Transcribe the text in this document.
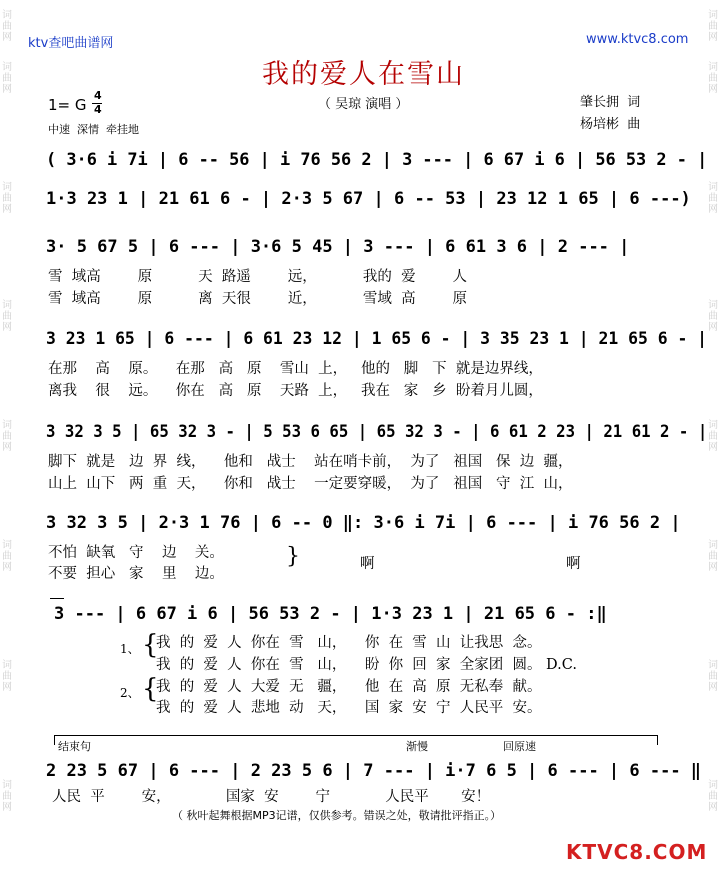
词 曲 网
词 曲 网
词 曲 网
词 曲 网
词 曲 网
词 曲 网
词 曲 网
词 曲 网
词 曲 网
词 曲 网
词 曲 网
词 曲 网
词 曲 网
词 曲 网
词 曲 网
词 曲 网
ktv查吧曲谱网	www.ktvc8.com
我的爱人在雪山
（ 吴琼 演唱 ）
1= G
4
4
中速  深情  牵挂地
肇长拥  词
杨培彬  曲
( 3·6 i 7i | 6 -- 56 | i 76 56 2 | 3 --- | 6 67 i 6 | 56 53 2 - |
1·3 23 1 | 21 61 6 - | 2·3 5 67 | 6 -- 53 | 23 12 1 65 | 6 ---)
3· 5 67 5 | 6 --- | 3·6 5 45 | 3 --- | 6 61 3 6 | 2 --- |
雪  域高        原          天  路遥        远，          我的  爱        人
雪  域高        原          离  天很        近，          雪域  高        原
3 23 1 65 | 6 --- | 6 61 23 12 | 1 65 6 - | 3 35 23 1 | 21 65 6 - |
在那    高    原。    在那   高   原    雪山  上，   他的   脚   下  就是边界线，
离我    很    远。    你在   高   原    天路  上，   我在   家   乡  盼着月儿圆，
3 32 3 5 | 65 32 3 - | 5 53 6 65 | 65 32 3 - | 6 61 2 23 | 21 61 2 - |
脚下  就是   边  界  线，    他和   战士    站在哨卡前，  为了   祖国   保  边  疆，
山上  山下   两  重  天，    你和   战士    一定要穿暖，  为了   祖国   守  江  山，
3 32 3 5 | 2·3 1 76 | 6 -- 0 ‖: 3·6 i 7i | 6 --- | i 76 56 2 |
不怕  缺氧   守    边    关。
不要  担心   家    里    边。
}	啊	啊
3 --- | 6 67 i 6 | 56 53 2 - | 1·3 23 1 | 21 65 6 - :‖
1、
2、
{
{
我  的  爱  人  你在  雪   山，    你  在  雪  山  让我思  念。
我  的  爱  人  你在  雪   山，    盼  你  回  家  全家团  圆。 D.C.
我  的  爱  人  大爱  无   疆，    他  在  高  原  无私奉  献。
我  的  爱  人  悲地  动   天，    国  家  安  宁  人民平  安。
结束句	渐慢	回原速
2 23 5 67 | 6 --- | 2 23 5 6 | 7 --- | i·7 6 5 | 6 --- | 6 --- ‖
人民  平        安，            国家  安        宁            人民平       安！
（ 秋叶起舞根据MP3记谱，仅供参考。错误之处，敬请批评指正。）
KTVC8.COM
